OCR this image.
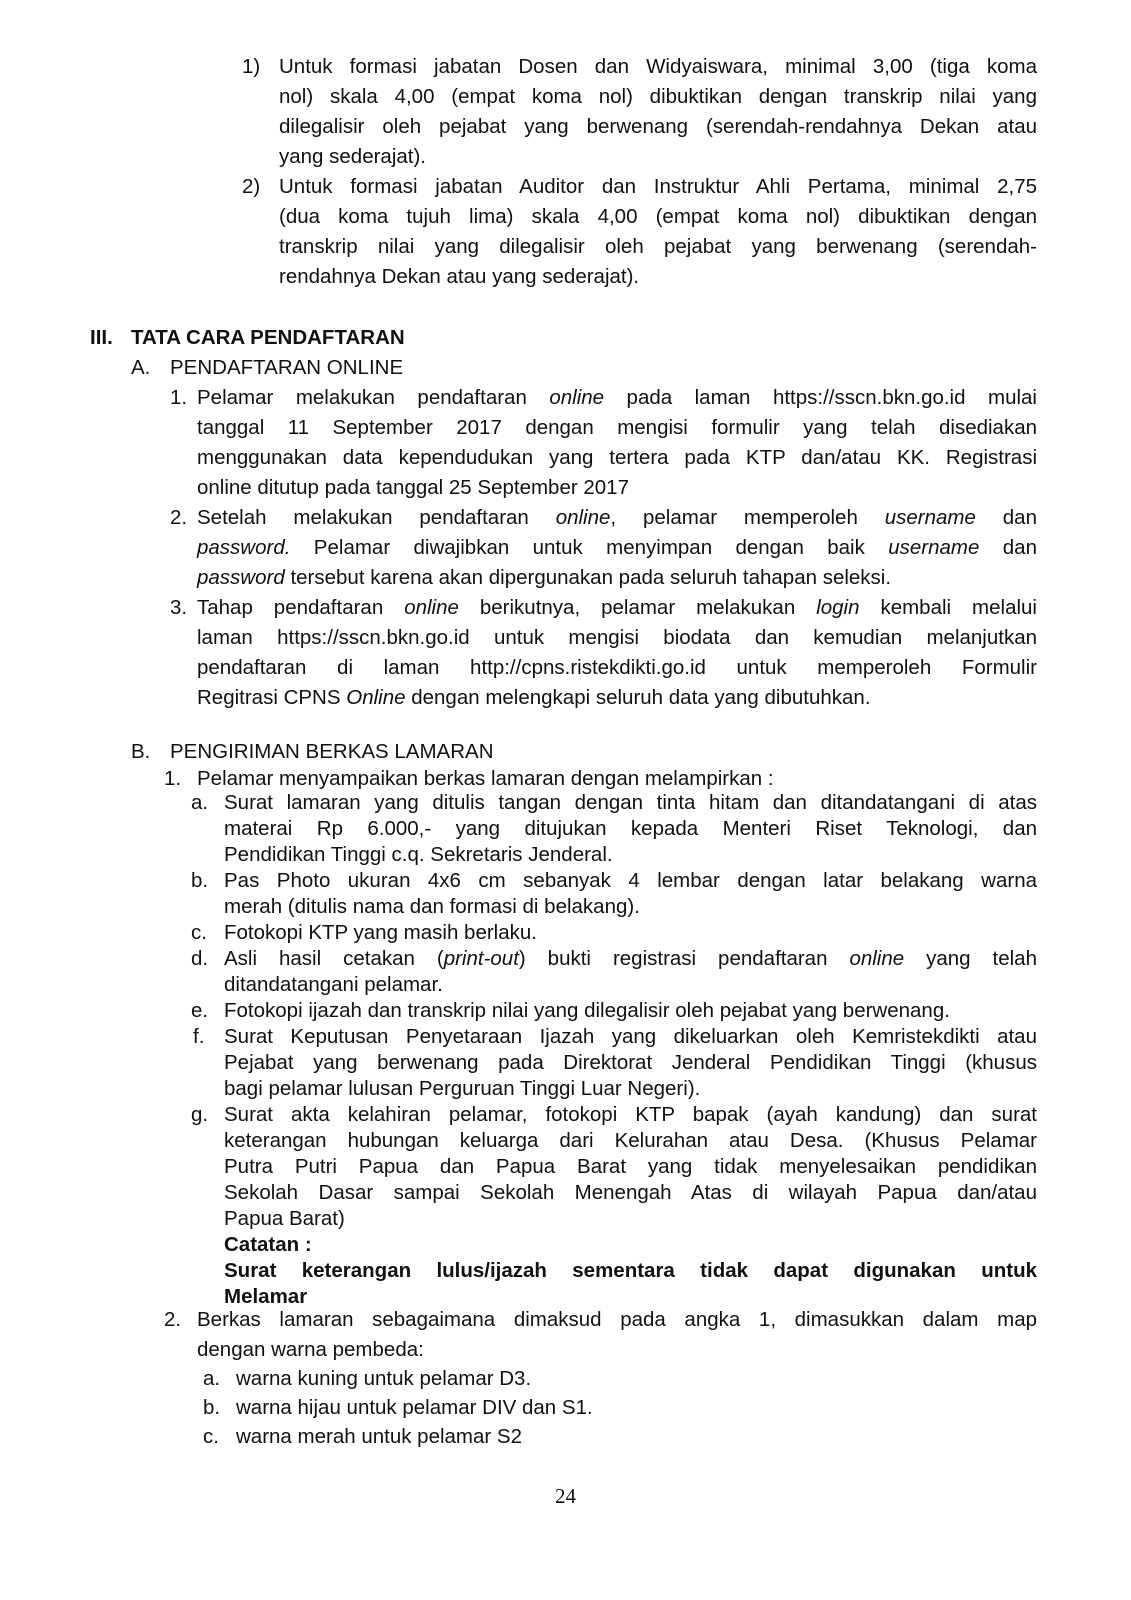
1) Untuk formasi jabatan Dosen dan Widyaiswara, minimal 3,00 (tiga koma
nol) skala 4,00 (empat koma nol) dibuktikan dengan transkrip nilai yang
dilegalisir oleh pejabat yang berwenang (serendah-rendahnya Dekan atau
yang sederajat).
2) Untuk formasi jabatan Auditor dan Instruktur Ahli Pertama, minimal 2,75
(dua koma tujuh lima) skala 4,00 (empat koma nol) dibuktikan dengan
transkrip nilai yang dilegalisir oleh pejabat yang berwenang (serendah-
rendahnya Dekan atau yang sederajat).
III. TATA CARA PENDAFTARAN
A. PENDAFTARAN ONLINE
1. Pelamar melakukan pendaftaran online pada laman https://sscn.bkn.go.id mulai
tanggal 11 September 2017 dengan mengisi formulir yang telah disediakan
menggunakan data kependudukan yang tertera pada KTP dan/atau KK. Registrasi
online ditutup pada tanggal 25 September 2017
2. Setelah melakukan pendaftaran online, pelamar memperoleh username dan
password. Pelamar diwajibkan untuk menyimpan dengan baik username dan
password tersebut karena akan dipergunakan pada seluruh tahapan seleksi.
3. Tahap pendaftaran online berikutnya, pelamar melakukan login kembali melalui
laman https://sscn.bkn.go.id untuk mengisi biodata dan kemudian melanjutkan
pendaftaran di laman http://cpns.ristekdikti.go.id untuk memperoleh Formulir
Regitrasi CPNS Online dengan melengkapi seluruh data yang dibutuhkan.
B. PENGIRIMAN BERKAS LAMARAN
1. Pelamar menyampaikan berkas lamaran dengan melampirkan :
a. Surat lamaran yang ditulis tangan dengan tinta hitam dan ditandatangani di atas
materai Rp 6.000,- yang ditujukan kepada Menteri Riset Teknologi, dan
Pendidikan Tinggi c.q. Sekretaris Jenderal.
b. Pas Photo ukuran 4x6 cm sebanyak 4 lembar dengan latar belakang warna
merah (ditulis nama dan formasi di belakang).
c. Fotokopi KTP yang masih berlaku.
d. Asli hasil cetakan (print-out) bukti registrasi pendaftaran online yang telah
ditandatangani pelamar.
e. Fotokopi ijazah dan transkrip nilai yang dilegalisir oleh pejabat yang berwenang.
f. Surat Keputusan Penyetaraan Ijazah yang dikeluarkan oleh Kemristekdikti atau
Pejabat yang berwenang pada Direktorat Jenderal Pendidikan Tinggi (khusus
bagi pelamar lulusan Perguruan Tinggi Luar Negeri).
g. Surat akta kelahiran pelamar, fotokopi KTP bapak (ayah kandung) dan surat
keterangan hubungan keluarga dari Kelurahan atau Desa. (Khusus Pelamar
Putra Putri Papua dan Papua Barat yang tidak menyelesaikan pendidikan
Sekolah Dasar sampai Sekolah Menengah Atas di wilayah Papua dan/atau
Papua Barat)
Catatan :
Surat keterangan lulus/ijazah sementara tidak dapat digunakan untuk
Melamar
2. Berkas lamaran sebagaimana dimaksud pada angka 1, dimasukkan dalam map
dengan warna pembeda:
a. warna kuning untuk pelamar D3.
b. warna hijau untuk pelamar DIV dan S1.
c. warna merah untuk pelamar S2
24
